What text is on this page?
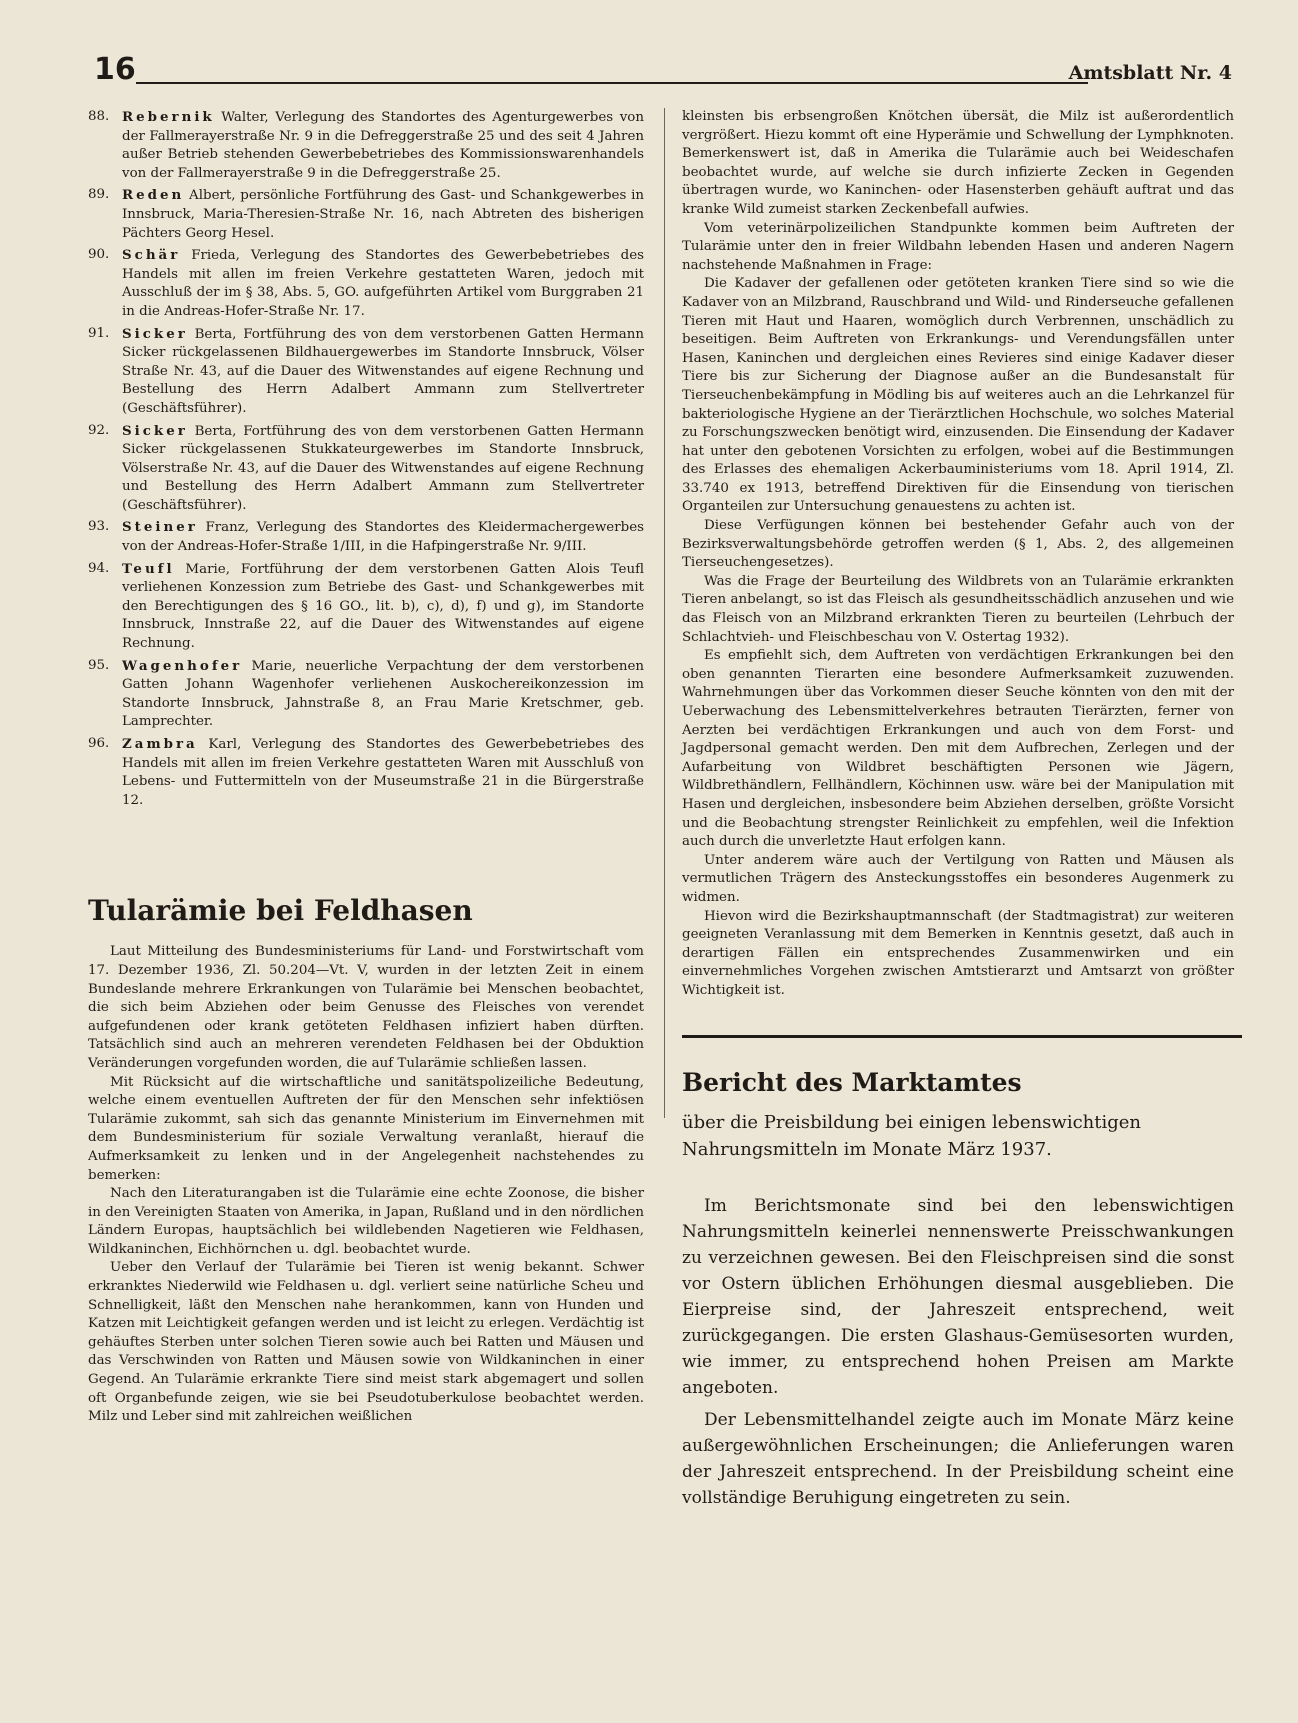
16	Amtsblatt Nr. 4
88. Rebernik Walter, Verlegung des Standortes des Agenturgewerbes von der Fallmerayerstraße Nr. 9 in die Defreggerstraße 25 und des seit 4 Jahren außer Betrieb stehenden Gewerbebetriebes des Kommissionswarenhandels von der Fallmerayerstraße 9 in die Defreggerstraße 25.
89. Reden Albert, persönliche Fortführung des Gast- und Schankgewerbes in Innsbruck, Maria-Theresien-Straße Nr. 16, nach Abtreten des bisherigen Pächters Georg Hesel.
90. Schär Frieda, Verlegung des Standortes des Gewerbebetriebes des Handels mit allen im freien Verkehre gestatteten Waren, jedoch mit Ausschluß der im § 38, Abs. 5, GO. aufgeführten Artikel vom Burggraben 21 in die Andreas-Hofer-Straße Nr. 17.
91. Sicker Berta, Fortführung des von dem verstorbenen Gatten Hermann Sicker rückgelassenen Bildhauergewerbes im Standorte Innsbruck, Völser Straße Nr. 43, auf die Dauer des Witwenstandes auf eigene Rechnung und Bestellung des Herrn Adalbert Ammann zum Stellvertreter (Geschäftsführer).
92. Sicker Berta, Fortführung des von dem verstorbenen Gatten Hermann Sicker rückgelassenen Stukkateurgewerbes im Standorte Innsbruck, Völserstraße Nr. 43, auf die Dauer des Witwenstandes auf eigene Rechnung und Bestellung des Herrn Adalbert Ammann zum Stellvertreter (Geschäftsführer).
93. Steiner Franz, Verlegung des Standortes des Kleidermachergewerbes von der Andreas-Hofer-Straße 1/III, in die Hafpingerstraße Nr. 9/III.
94. Teufl Marie, Fortführung der dem verstorbenen Gatten Alois Teufl verliehenen Konzession zum Betriebe des Gast- und Schankgewerbes mit den Berechtigungen des § 16 GO., lit. b), c), d), f) und g), im Standorte Innsbruck, Innstraße 22, auf die Dauer des Witwenstandes auf eigene Rechnung.
95. Wagenhofer Marie, neuerliche Verpachtung der dem verstorbenen Gatten Johann Wagenhofer verliehenen Auskochereikonzession im Standorte Innsbruck, Jahnstraße 8, an Frau Marie Kretschmer, geb. Lamprechter.
96. Zambra Karl, Verlegung des Standortes des Gewerbebetriebes des Handels mit allen im freien Verkehre gestatteten Waren mit Ausschluß von Lebens- und Futtermitteln von der Museumstraße 21 in die Bürgerstraße 12.
Tularämie bei Feldhasen

Laut Mitteilung des Bundesministeriums für Land- und Forstwirtschaft vom 17. Dezember 1936, Zl. 50.204—Vt. V, wurden in der letzten Zeit in einem Bundeslande mehrere Erkrankungen von Tularämie bei Menschen beobachtet, die sich beim Abziehen oder beim Genusse des Fleisches von verendet aufgefundenen oder krank getöteten Feldhasen infiziert haben dürften. Tatsächlich sind auch an mehreren verendeten Feldhasen bei der Obduktion Veränderungen vorgefunden worden, die auf Tularämie schließen lassen.

Mit Rücksicht auf die wirtschaftliche und sanitätspolizeiliche Bedeutung, welche einem eventuellen Auftreten der für den Menschen sehr infektiösen Tularämie zukommt, sah sich das genannte Ministerium im Einvernehmen mit dem Bundesministerium für soziale Verwaltung veranlaßt, hierauf die Aufmerksamkeit zu lenken und in der Angelegenheit nachstehendes zu bemerken:

Nach den Literaturangaben ist die Tularämie eine echte Zoonose, die bisher in den Vereinigten Staaten von Amerika, in Japan, Rußland und in den nördlichen Ländern Europas, hauptsächlich bei wildlebenden Nagetieren wie Feldhasen, Wildkaninchen, Eichhörnchen u. dgl. beobachtet wurde.

Ueber den Verlauf der Tularämie bei Tieren ist wenig bekannt. Schwer erkranktes Niederwild wie Feldhasen u. dgl. verliert seine natürliche Scheu und Schnelligkeit, läßt den Menschen nahe herankommen, kann von Hunden und Katzen mit Leichtigkeit gefangen werden und ist leicht zu erlegen. Verdächtig ist gehäuftes Sterben unter solchen Tieren sowie auch bei Ratten und Mäusen und das Verschwinden von Ratten und Mäusen sowie von Wildkaninchen in einer Gegend. An Tularämie erkrankte Tiere sind meist stark abgemagert und sollen oft Organbefunde zeigen, wie sie bei Pseudotuberkulose beobachtet werden. Milz und Leber sind mit zahlreichen weißlichen

kleinsten bis erbsengroßen Knötchen übersät, die Milz ist außerordentlich vergrößert. Hiezu kommt oft eine Hyperämie und Schwellung der Lymphknoten. Bemerkenswert ist, daß in Amerika die Tularämie auch bei Weideschafen beobachtet wurde, auf welche sie durch infizierte Zecken in Gegenden übertragen wurde, wo Kaninchen- oder Hasensterben gehäuft auftrat und das kranke Wild zumeist starken Zeckenbefall aufwies.

Vom veterinärpolizeilichen Standpunkte kommen beim Auftreten der Tularämie unter den in freier Wildbahn lebenden Hasen und anderen Nagern nachstehende Maßnahmen in Frage:

Die Kadaver der gefallenen oder getöteten kranken Tiere sind so wie die Kadaver von an Milzbrand, Rauschbrand und Wild- und Rinderseuche gefallenen Tieren mit Haut und Haaren, womöglich durch Verbrennen, unschädlich zu beseitigen. Beim Auftreten von Erkrankungs- und Verendungsfällen unter Hasen, Kaninchen und dergleichen eines Revieres sind einige Kadaver dieser Tiere bis zur Sicherung der Diagnose außer an die Bundesanstalt für Tierseuchenbekämpfung in Mödling bis auf weiteres auch an die Lehrkanzel für bakteriologische Hygiene an der Tierärztlichen Hochschule, wo solches Material zu Forschungszwecken benötigt wird, einzusenden. Die Einsendung der Kadaver hat unter den gebotenen Vorsichten zu erfolgen, wobei auf die Bestimmungen des Erlasses des ehemaligen Ackerbauministeriums vom 18. April 1914, Zl. 33.740 ex 1913, betreffend Direktiven für die Einsendung von tierischen Organteilen zur Untersuchung genauestens zu achten ist.

Diese Verfügungen können bei bestehender Gefahr auch von der Bezirksverwaltungsbehörde getroffen werden (§ 1, Abs. 2, des allgemeinen Tierseuchengesetzes).

Was die Frage der Beurteilung des Wildbrets von an Tularämie erkrankten Tieren anbelangt, so ist das Fleisch als gesundheitsschädlich anzusehen und wie das Fleisch von an Milzbrand erkrankten Tieren zu beurteilen (Lehrbuch der Schlachtvieh- und Fleischbeschau von V. Ostertag 1932).

Es empfiehlt sich, dem Auftreten von verdächtigen Erkrankungen bei den oben genannten Tierarten eine besondere Aufmerksamkeit zuzuwenden. Wahrnehmungen über das Vorkommen dieser Seuche könnten von den mit der Ueberwachung des Lebensmittelverkehres betrauten Tierärzten, ferner von Aerzten bei verdächtigen Erkrankungen und auch von dem Forst- und Jagdpersonal gemacht werden. Den mit dem Aufbrechen, Zerlegen und der Aufarbeitung von Wildbret beschäftigten Personen wie Jägern, Wildbrethändlern, Fellhändlern, Köchinnen usw. wäre bei der Manipulation mit Hasen und dergleichen, insbesondere beim Abziehen derselben, größte Vorsicht und die Beobachtung strengster Reinlichkeit zu empfehlen, weil die Infektion auch durch die unverletzte Haut erfolgen kann.

Unter anderem wäre auch der Vertilgung von Ratten und Mäusen als vermutlichen Trägern des Ansteckungsstoffes ein besonderes Augenmerk zu widmen.

Hievon wird die Bezirkshauptmannschaft (der Stadtmagistrat) zur weiteren geeigneten Veranlassung mit dem Bemerken in Kenntnis gesetzt, daß auch in derartigen Fällen ein entsprechendes Zusammenwirken und ein einvernehmliches Vorgehen zwischen Amtstierarzt und Amtsarzt von größter Wichtigkeit ist.

Bericht des Marktamtes

über die Preisbildung bei einigen lebenswichtigen Nahrungsmitteln im Monate März 1937.

Im Berichtsmonate sind bei den lebenswichtigen Nahrungsmitteln keinerlei nennenswerte Preisschwankungen zu verzeichnen gewesen. Bei den Fleischpreisen sind die sonst vor Ostern üblichen Erhöhungen diesmal ausgeblieben. Die Eierpreise sind, der Jahreszeit entsprechend, weit zurückgegangen. Die ersten Glashaus-Gemüsesorten wurden, wie immer, zu entsprechend hohen Preisen am Markte angeboten.

Der Lebensmittelhandel zeigte auch im Monate März keine außergewöhnlichen Erscheinungen; die Anlieferungen waren der Jahreszeit entsprechend. In der Preisbildung scheint eine vollständige Beruhigung eingetreten zu sein.
